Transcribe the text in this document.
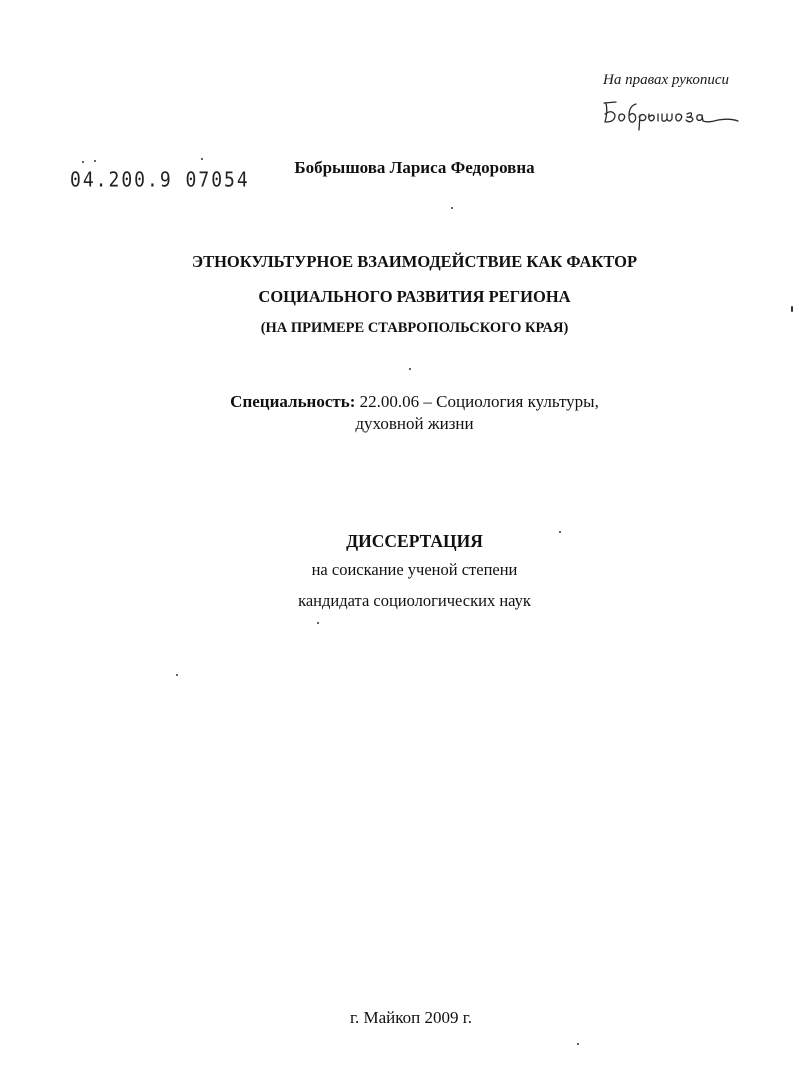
На правах рукописи
04.200.9 07054
Бобрышова Лариса Федоровна
ЭТНОКУЛЬТУРНОЕ ВЗАИМОДЕЙСТВИЕ КАК ФАКТОР
СОЦИАЛЬНОГО РАЗВИТИЯ РЕГИОНА
(НА ПРИМЕРЕ СТАВРОПОЛЬСКОГО КРАЯ)
Специальность: 22.00.06 – Социология культуры,
духовной жизни
ДИССЕРТАЦИЯ
на соискание ученой степени
кандидата социологических наук
г. Майкоп 2009 г.
